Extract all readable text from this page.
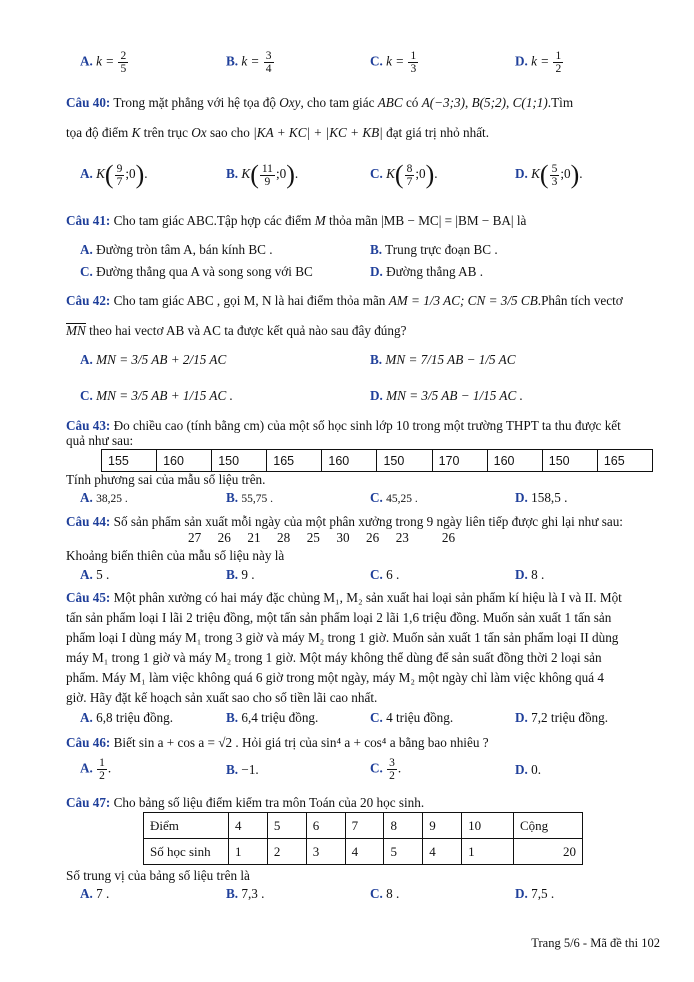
A. $k = \frac{2}{5}$	B. $k = \frac{3}{4}$	C. $k = \frac{1}{3}$	D. $k = \frac{1}{2}$
Câu 40: Trong mặt phẳng với hệ tọa độ Oxy, cho tam giác ABC có A(−3;3), B(5;2), C(1;1).Tìm
tọa độ điểm K trên trục Ox sao cho |KA + KC| + |KC + KB| đạt giá trị nhỏ nhất.
A. $K( \frac{9}{7}$ ;0).	B. $K( \frac{11}{9}$ ;0).	C. $K( \frac{8}{7}$ ;0).	D. $K( \frac{5}{3}$ ;0).
Câu 41: Cho tam giác ABC.Tập hợp các điểm M thỏa mãn |MB − MC| = |BM − BA| là
A. Đường tròn tâm A, bán kính BC .	B. Trung trực đoạn BC .
C. Đường thẳng qua A và song song với BC	D. Đường thẳng AB .
Câu 42: Cho tam giác ABC , gọi M, N là hai điểm thỏa mãn AM = 1/3 AC; CN = 3/5 CB.Phân tích vectơ
MN theo hai vectơ AB và AC ta được kết quả nào sau đây đúng?
A. MN = 3/5 AB + 2/15 AC	B. MN = 7/15 AB − 1/5 AC
C. MN = 3/5 AB + 1/15 AC .	D. MN = 3/5 AB − 1/15 AC .
Câu 43: Đo chiều cao (tính bằng cm) của một số học sinh lớp 10 trong một trường THPT ta thu được kết
quả như sau:
155	160	150	165	160	150	170	160	150	165
Tính phương sai của mẫu số liệu trên.
A. 38,25 .	B. 55,75 .	C. 45,25 .	D. 158,5 .
Câu 44: Số sản phẩm sản xuất mỗi ngày của một phân xưởng trong 9 ngày liên tiếp được ghi lại như sau:
27     26     21     28     25     30     26     23          26
Khoảng biến thiên của mẫu số liệu này là
A. 5 .	B. 9 .	C. 6 .	D. 8 .
Câu 45: Một phân xưởng có hai máy đặc chủng M₁, M₂ sản xuất hai loại sản phẩm kí hiệu là I và II. Một
tấn sản phẩm loại I lãi 2 triệu đồng, một tấn sản phẩm loại 2 lãi 1,6 triệu đồng. Muốn sản xuất 1 tấn sản
phẩm loại I dùng máy M₁ trong 3 giờ và máy M₂ trong 1 giờ. Muốn sản xuất 1 tấn sản phẩm loại II dùng
máy M₁ trong 1 giờ và máy M₂ trong 1 giờ. Một máy không thể dùng để sản suất đồng thời 2 loại sản
phẩm. Máy M₁ làm việc không quá 6 giờ trong một ngày, máy M₂ một ngày chỉ làm việc không quá 4
giờ. Hãy đặt kế hoạch sản xuất sao cho số tiền lãi cao nhất.
A. 6,8 triệu đồng.	B. 6,4 triệu đồng.	C. 4 triệu đồng.	D. 7,2 triệu đồng.
Câu 46: Biết sin a + cos a = √2 . Hỏi giá trị của sin⁴ a + cos⁴ a bằng bao nhiêu ?
A. $\frac{1}{2}$ .	B. −1.	C. $\frac{3}{2}$ .	D. 0.
Câu 47: Cho bảng số liệu điểm kiểm tra môn Toán của 20 học sinh.
Điểm	4	5	6	7	8	9	10	Cộng
Số học sinh	1	2	3	4	5	4	1	20
Số trung vị của bảng số liệu trên là
A. 7 .	B. 7,3 .	C. 8 .	D. 7,5 .
Trang 5/6 - Mã đề thi 102
